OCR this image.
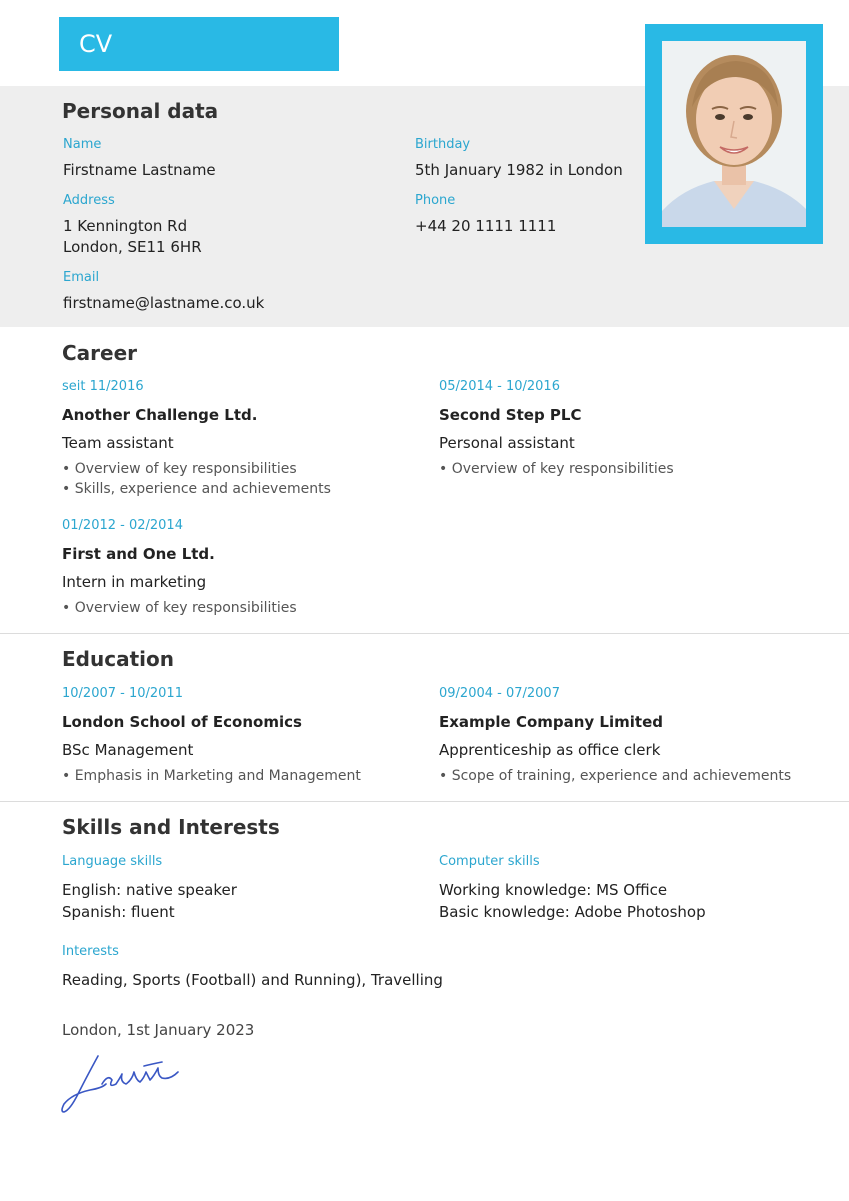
CV
Personal data
Name
Firstname Lastname
Birthday
5th January 1982 in London
Address
1 Kennington Rd
London, SE11 6HR
Phone
+44 20 1111 1111
Email
firstname@lastname.co.uk
Career
seit 11/2016
Another Challenge Ltd.
Team assistant
• Overview of key responsibilities
• Skills, experience and achievements
05/2014 - 10/2016
Second Step PLC
Personal assistant
• Overview of key responsibilities
01/2012 - 02/2014
First and One Ltd.
Intern in marketing
• Overview of key responsibilities
Education
10/2007 - 10/2011
London School of Economics
BSc Management
• Emphasis in Marketing and Management
09/2004 - 07/2007
Example Company Limited
Apprenticeship as office clerk
• Scope of training, experience and achievements
Skills and Interests
Language skills
English: native speaker
Spanish: fluent
Computer skills
Working knowledge: MS Office
Basic knowledge: Adobe Photoshop
Interests
Reading, Sports (Football) and Running), Travelling
London, 1st January 2023
